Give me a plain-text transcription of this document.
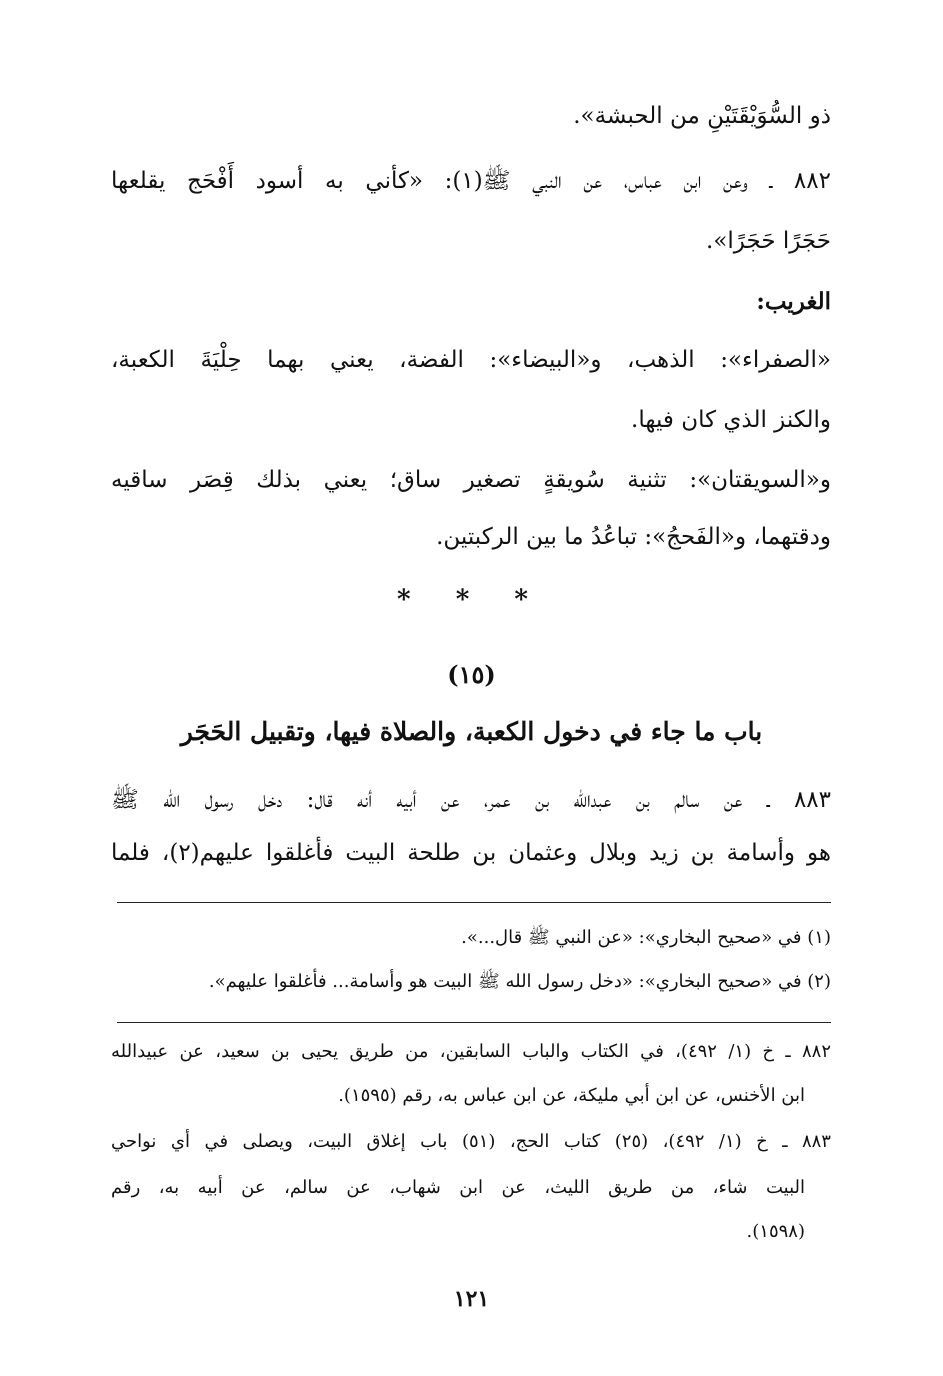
ذو السُّوَيْقَتَيْنِ من الحبشة».
٨٨٢ ـ وعن ابن عباس، عن النبي ﷺ(١): «كأني به أسود أَفْحَج يقلعها
حَجَرًا حَجَرًا».
الغريب:
«الصفراء»: الذهب، و«البيضاء»: الفضة، يعني بهما حِلْيَةَ الكعبة،
والكنز الذي كان فيها.
و«السويقتان»: تثنية سُويقةٍ تصغير ساق؛ يعني بذلك قِصَر ساقيه
ودقتهما، و«الفَحجُ»: تباعُدُ ما بين الركبتين.
* * *
(١٥)
باب ما جاء في دخول الكعبة، والصلاة فيها، وتقبيل الحَجَر
٨٨٣ ـ عن سالم بن عبدالله بن عمر، عن أبيه أنه قال: دخل رسول الله ﷺ
هو وأسامة بن زيد وبلال وعثمان بن طلحة البيت فأغلقوا عليهم(٢)، فلما
(١) في «صحيح البخاري»: «عن النبي ﷺ قال...».
(٢) في «صحيح البخاري»: «دخل رسول الله ﷺ البيت هو وأسامة... فأغلقوا عليهم».
٨٨٢ ـ خ (١/ ٤٩٢)، في الكتاب والباب السابقين، من طريق يحيى بن سعيد، عن عبيدالله
ابن الأخنس، عن ابن أبي مليكة، عن ابن عباس به، رقم (١٥٩٥).
٨٨٣ ـ خ (١/ ٤٩٢)، (٢٥) كتاب الحج، (٥١) باب إغلاق البيت، ويصلى في أي نواحي
البيت شاء، من طريق الليث، عن ابن شهاب، عن سالم، عن أبيه به، رقم
(١٥٩٨).
١٢١
